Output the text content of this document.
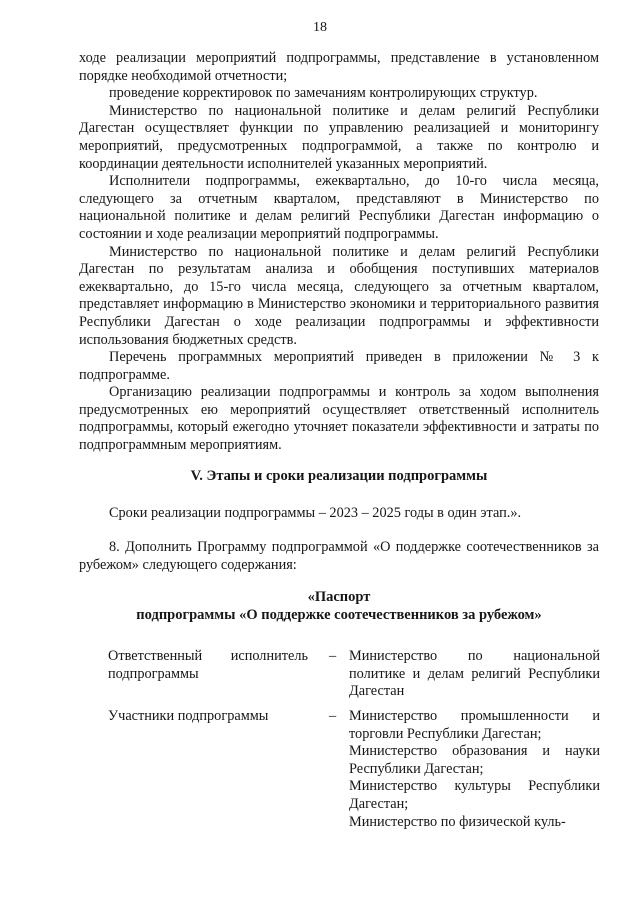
18

ходе реализации мероприятий подпрограммы, представление в установленном порядке необходимой отчетности;

проведение корректировок по замечаниям контролирующих структур.

Министерство по национальной политике и делам религий Республики Дагестан осуществляет функции по управлению реализацией и мониторингу мероприятий, предусмотренных подпрограммой, а также по контролю и координации деятельности исполнителей указанных мероприятий.

Исполнители подпрограммы, ежеквартально, до 10-го числа месяца, следующего за отчетным кварталом, представляют в Министерство по национальной политике и делам религий Республики Дагестан информацию о состоянии и ходе реализации мероприятий подпрограммы.

Министерство по национальной политике и делам религий Республики Дагестан по результатам анализа и обобщения поступивших материалов ежеквартально, до 15-го числа месяца, следующего за отчетным кварталом, представляет информацию в Министерство экономики и территориального развития Республики Дагестан о ходе реализации подпрограммы и эффективности использования бюджетных средств.

Перечень программных мероприятий приведен в приложении № 3 к подпрограмме.

Организацию реализации подпрограммы и контроль за ходом выполнения предусмотренных ею мероприятий осуществляет ответственный исполнитель подпрограммы, который ежегодно уточняет показатели эффективности и затраты по подпрограммным мероприятиям.

V. Этапы и сроки реализации подпрограммы

Сроки реализации подпрограммы – 2023 – 2025 годы в один этап.».

8. Дополнить Программу подпрограммой «О поддержке соотечественников за рубежом» следующего содержания:

«Паспорт
подпрограммы «О поддержке соотечественников за рубежом»
Ответственный исполнитель
подпрограммы
– Министерство по национальной политике и делам религий Республики Дагестан
Участники подпрограммы	– Министерство промышленности и торговли Республики Дагестан;
Министерство образования и науки Республики Дагестан;
Министерство культуры Республики Дагестан;
Министерство по физической куль-
